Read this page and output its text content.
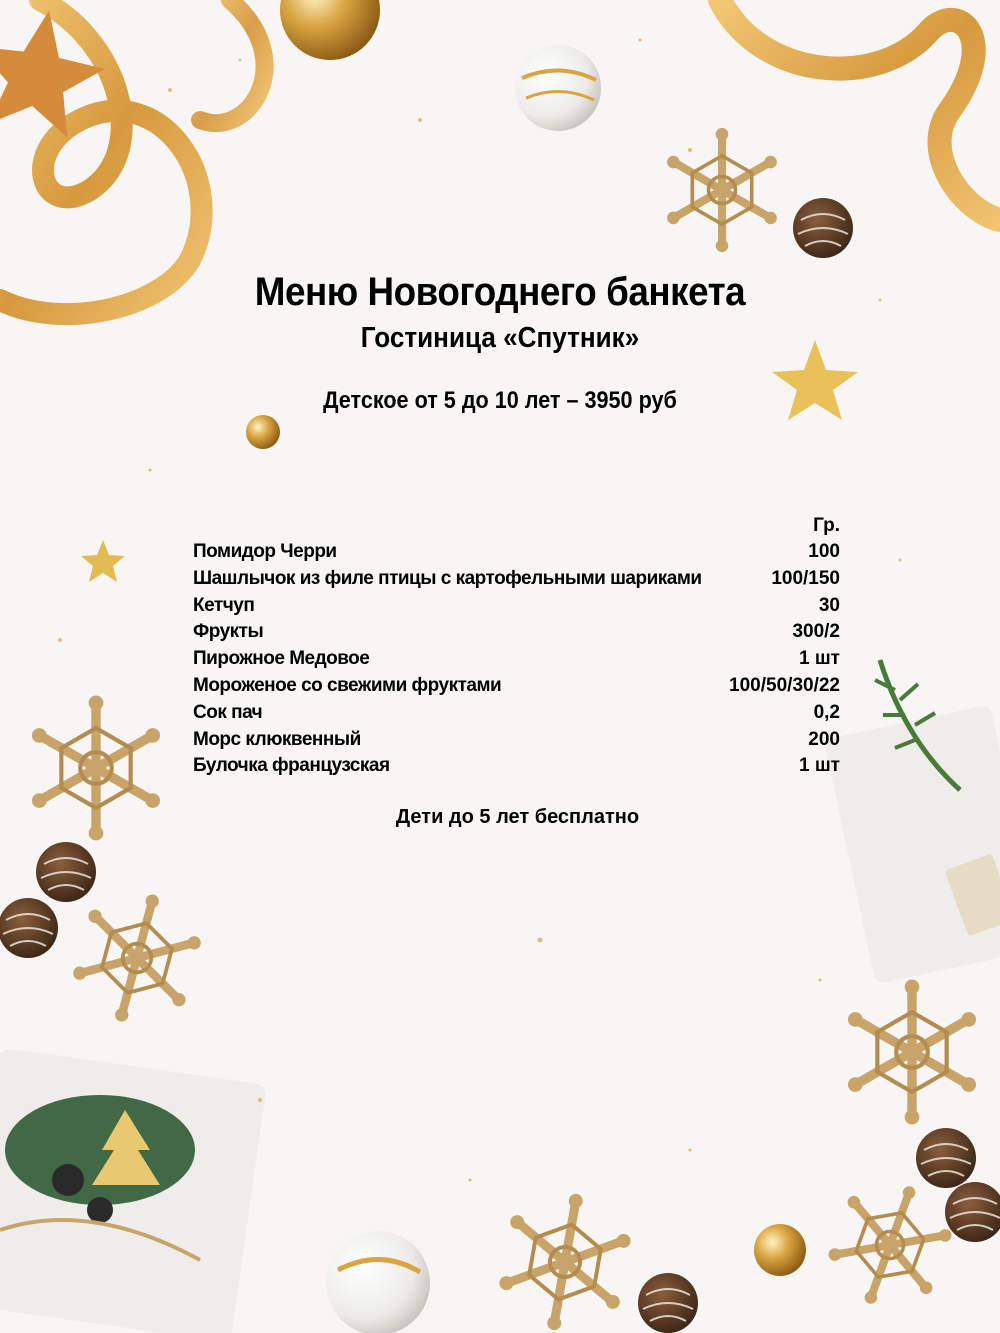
Меню Новогоднего банкета
Гостиница «Спутник»
Детское от 5 до 10 лет – 3950 руб
Гр.
Помидор Черри	100
Шашлычок из филе птицы с картофельными шариками	100/150
Кетчуп	30
Фрукты	300/2
Пирожное Медовое	1 шт
Мороженое со свежими фруктами	100/50/30/22
Сок пач	0,2
Морс клюквенный	200
Булочка французская	1 шт
Дети до 5 лет бесплатно
